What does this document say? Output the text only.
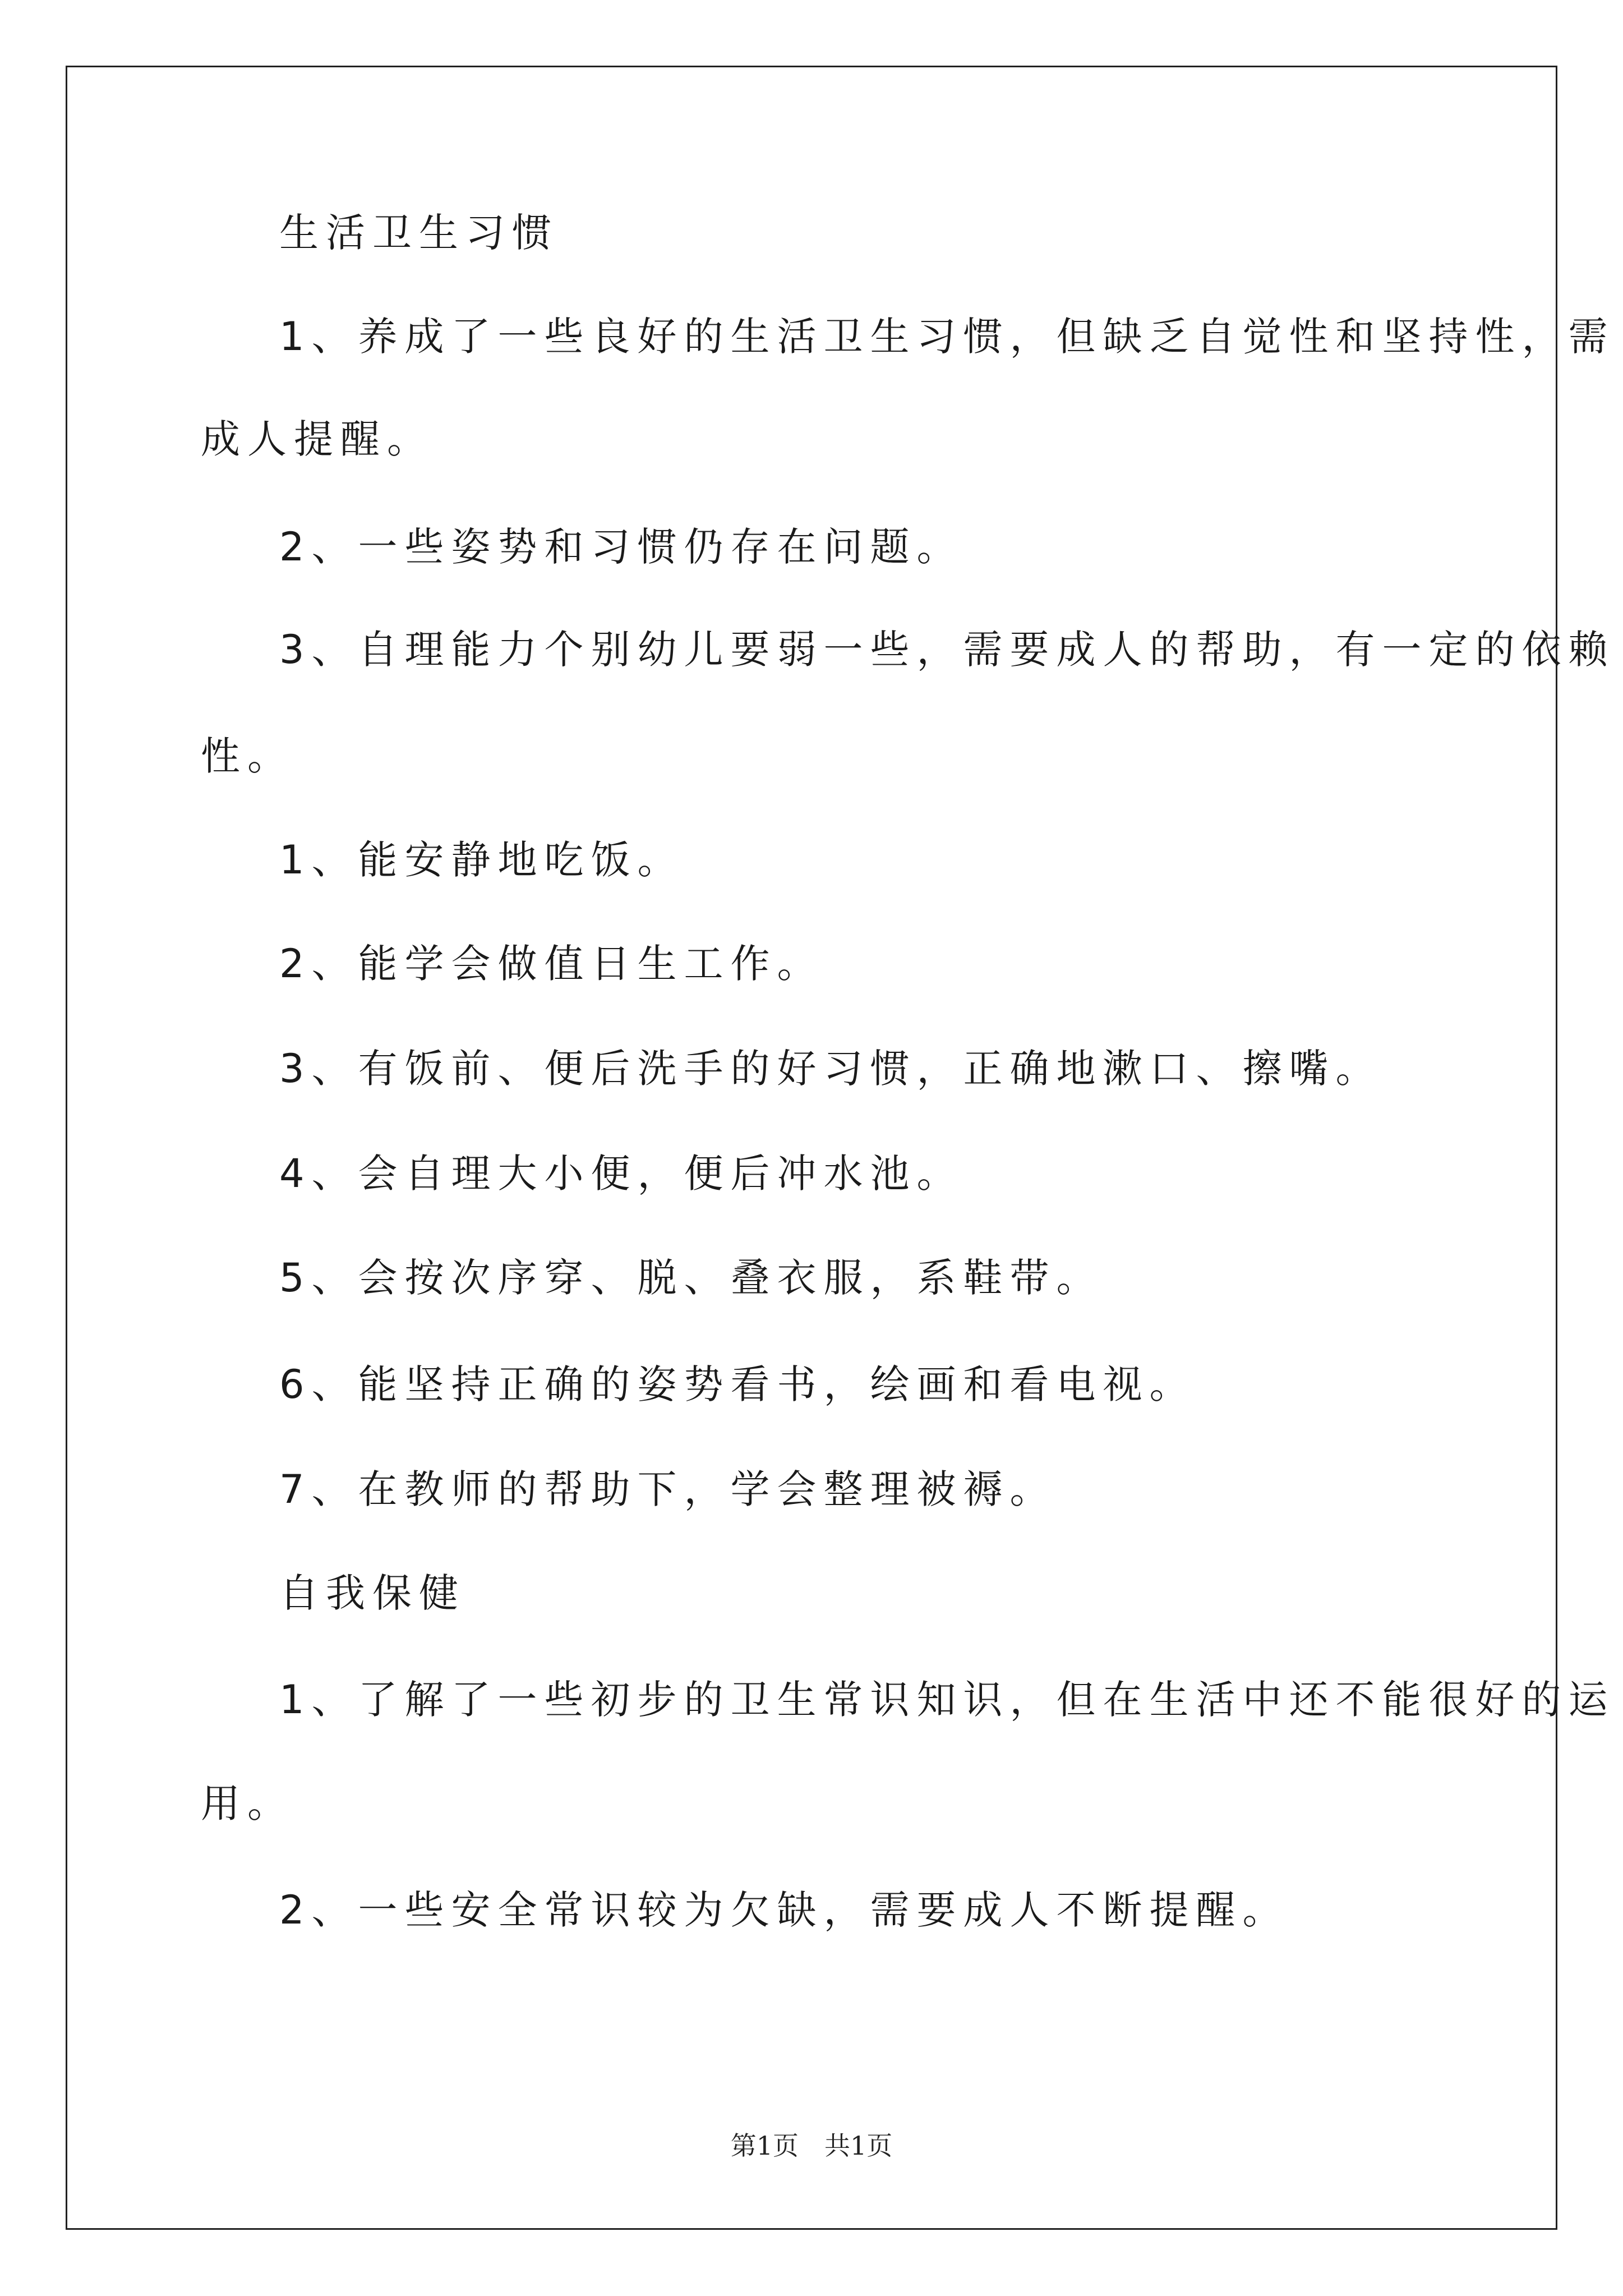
生活卫生习惯
1、养成了一些良好的生活卫生习惯，但缺乏自觉性和坚持性，需
成人提醒。
2、一些姿势和习惯仍存在问题。
3、自理能力个别幼儿要弱一些，需要成人的帮助，有一定的依赖
性。
1、能安静地吃饭。
2、能学会做值日生工作。
3、有饭前、便后洗手的好习惯，正确地漱口、擦嘴。
4、会自理大小便，便后冲水池。
5、会按次序穿、脱、叠衣服，系鞋带。
6、能坚持正确的姿势看书，绘画和看电视。
7、在教师的帮助下，学会整理被褥。
自我保健
1、了解了一些初步的卫生常识知识，但在生活中还不能很好的运
用。
2、一些安全常识较为欠缺，需要成人不断提醒。
第1页　共1页
